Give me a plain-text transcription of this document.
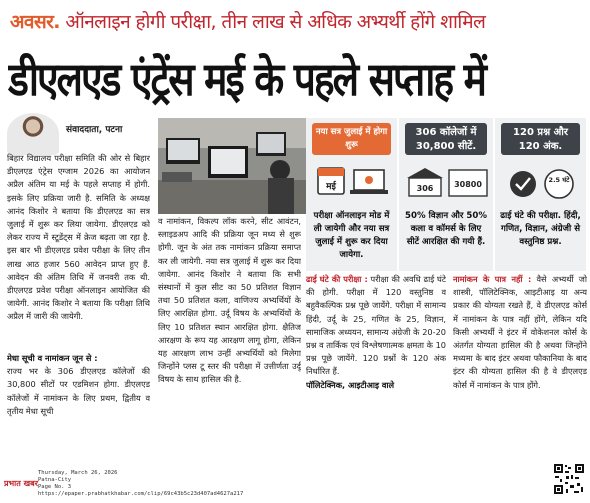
अवसर. ऑनलाइन होगी परीक्षा, तीन लाख से अधिक अभ्यर्थी होंगे शामिल
डीएलएड एंट्रेंस मई के पहले सप्ताह में
संवाददाता, पटना
बिहार विद्यालय परीक्षा समिति की ओर से बिहार डीएलएड एंट्रेस एग्जाम 2026 का आयोजन अप्रैल अंतिम या मई के पहले सप्ताह में होगी. इसके लिए प्रक्रिया जारी है. समिति के अध्यक्ष आनंद किशोर ने बताया कि डीएलएड का सत्र जुलाई में शुरू कर लिया जायेगा. डीएलएड को लेकर राज्य में स्टूडेंट्स में क्रेज बढ़ता जा रहा है. इस बार भी डीएलएड प्रवेश परीक्षा के लिए तीन लाख आठ हजार 560 आवेदन प्राप्त हुए हैं. आवेदन की अंतिम तिथि में जनवरी तक थी. डीएलएड प्रवेश परीक्षा ऑनलाइन आयोजित की जायेगी. आनंद किशोर ने बताया कि परीक्षा तिथि अप्रैल में जारी की जायेगी.
मेधा सूची व नामांकन जून से :
राज्य भर के 306 डीएलएड कॉलेजों की 30,800 सीटों पर एडमिशन होगा. डीएलएड कॉलेजों में नामांकन के लिए प्रथम, द्वितीय व तृतीय मेधा सूची
व नामांकन, विकल्प लॉक करने, सीट आवंटन, स्लाइडअप आदि की प्रक्रिया जून मध्य से शुरू होगी. जून के अंत तक नामांकन प्रक्रिया समाप्त कर ली जायेगी. नया सत्र जुलाई में शुरू कर दिया जायेगा. आनंद किशोर ने बताया कि सभी संस्थानों में कुल सीट का 50 प्रतिशत विज्ञान तथा 50 प्रतिशत कला, वाणिज्य अभ्यर्थियों के लिए आरक्षित होगा. उर्दू विषय के अभ्यर्थियों के लिए 10 प्रतिशत स्थान आरक्षित होगा. क्षैतिज आरक्षण के रूप यह आरक्षण लागू होगा, लेकिन यह आरक्षण लाभ उन्हीं अभ्यर्थियों को मिलेगा जिन्होंने प्लस टू स्तर की परीक्षा में उत्तीर्णता उर्दू विषय के साथ हासिल की है.
नया सत्र जुलाई में होगा शुरू
मई
परीक्षा ऑनलाइन मोड में ली जायेगी और नया सत्र जुलाई में शुरू कर दिया जायेगा.
306 कॉलेजों में 30,800 सीटें.
306	30800
50% विज्ञान और 50% कला व कॉमर्स के लिए सीटें आरक्षित की गयी हैं.
120 प्रश्न और 120 अंक.
2.5 घंटे
ढाई घंटे की परीक्षा. हिंदी, गणित, विज्ञान, अंग्रेजी से वस्तुनिष्ठ प्रश्न.
ढाई घंटे की परीक्षा : परीक्षा की अवधि ढाई घंटे की होगी. परीक्षा में 120 वस्तुनिष्ठ व बहुवैकल्पिक प्रश्न पूछे जायेंगे. परीक्षा में सामान्य हिंदी, उर्दू के 25, गणित के 25, विज्ञान, सामाजिक अध्ययन, सामान्य अंग्रेजी के 20-20 प्रश्न व तार्किक एवं विश्लेषणात्मक क्षमता के 10 प्रश्न पूछे जायेंगे. 120 प्रश्नों के 120 अंक निर्धारित हैं.
पॉलिटेक्निक, आइटीआइ वाले
नामांकन के पात्र नहीं : वैसे अभ्यर्थी जो शास्त्री, पॉलिटेक्निक, आइटीआइ या अन्य प्रकार की योग्यता रखते हैं, वे डीएलएड कोर्स में नामांकन के पात्र नहीं होंगे, लेकिन यदि किसी अभ्यर्थी ने इंटर में वोकेशनल कोर्स के अंतर्गत योग्यता हासिल की है अथवा जिन्होंने मध्यमा के बाद इंटर अथवा फौकानिया के बाद इंटर की योग्यता हासिल की है वे डीएलएड कोर्स में नामांकन के पात्र होंगे.
प्रभात खबर
Thursday, March 26, 2026
Patna-City
Page No. 3
https://epaper.prabhatkhabar.com/clip/69c43b5c23d407ad4627a217
